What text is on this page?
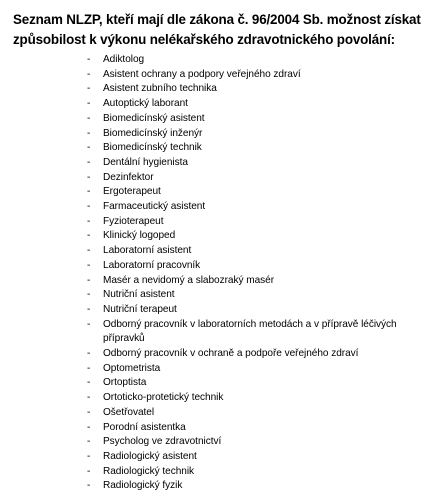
Seznam NLZP, kteří mají dle zákona č. 96/2004 Sb. možnost získat způsobilost k výkonu nelékařského zdravotnického povolání:

- Adiktolog
- Asistent ochrany a podpory veřejného zdraví
- Asistent zubního technika
- Autoptický laborant
- Biomedicínský asistent
- Biomedicínský inženýr
- Biomedicínský technik
- Dentální hygienista
- Dezinfektor
- Ergoterapeut
- Farmaceutický asistent
- Fyzioterapeut
- Klinický logoped
- Laboratorní asistent
- Laboratorní pracovník
- Masér a nevidomý a slabozraký masér
- Nutriční asistent
- Nutriční terapeut
- Odborný pracovník v laboratorních metodách a v přípravě léčivých přípravků
- Odborný pracovník v ochraně a podpoře veřejného zdraví
- Optometrista
- Ortoptista
- Ortoticko-protetický technik
- Ošetřovatel
- Porodní asistentka
- Psycholog ve zdravotnictví
- Radiologický asistent
- Radiologický technik
- Radiologický fyzik
